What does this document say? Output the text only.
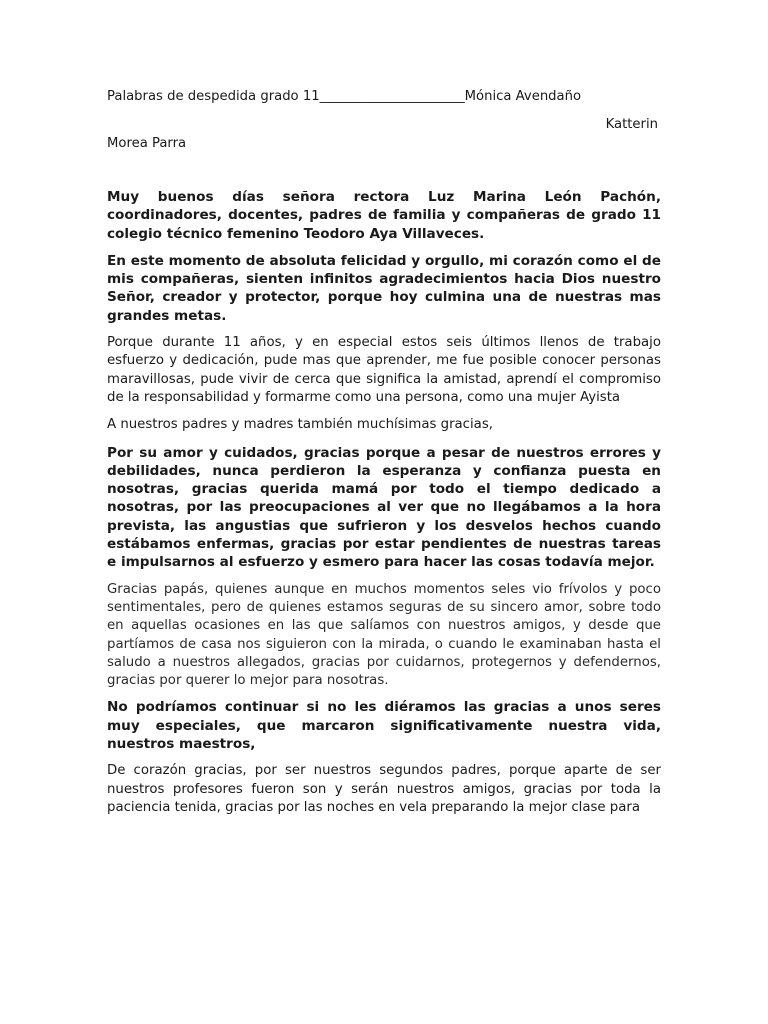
Palabras de despedida grado 11______________________Mónica Avendaño

Katterin

Morea Parra

Muy buenos días señora rectora Luz Marina León Pachón, coordinadores, docentes, padres de familia y compañeras de grado 11 colegio técnico femenino Teodoro Aya Villaveces.

En este momento de absoluta felicidad y orgullo, mi corazón como el de mis compañeras, sienten infinitos agradecimientos hacia Dios nuestro Señor, creador y protector, porque hoy culmina una de nuestras mas grandes metas.

Porque durante 11 años, y en especial estos seis últimos llenos de trabajo esfuerzo y dedicación, pude mas que aprender, me fue posible conocer personas maravillosas, pude vivir de cerca que significa la amistad, aprendí el compromiso de la responsabilidad y formarme como una persona, como una mujer Ayista

A nuestros padres y madres también muchísimas gracias,

Por su amor y cuidados, gracias porque a pesar de nuestros errores y debilidades, nunca perdieron la esperanza y confianza puesta en nosotras, gracias querida mamá por todo el tiempo dedicado a nosotras, por las preocupaciones al ver que no llegábamos a la hora prevista, las angustias que sufrieron y los desvelos hechos cuando estábamos enfermas, gracias por estar pendientes de nuestras tareas e impulsarnos al esfuerzo y esmero para hacer las cosas todavía mejor.

Gracias papás, quienes aunque en muchos momentos seles vio frívolos y poco sentimentales, pero de quienes estamos seguras de su sincero amor, sobre todo en aquellas ocasiones en las que salíamos con nuestros amigos, y desde que partíamos de casa nos siguieron con la mirada, o cuando le examinaban hasta el saludo a nuestros allegados, gracias por cuidarnos, protegernos y defendernos, gracias por querer lo mejor para nosotras.

No podríamos continuar si no les diéramos las gracias a unos seres muy especiales, que marcaron significativamente nuestra vida, nuestros maestros,

De corazón gracias, por ser nuestros segundos padres, porque aparte de ser nuestros profesores fueron son y serán nuestros amigos, gracias por toda la paciencia tenida, gracias por las noches en vela preparando la mejor clase para
